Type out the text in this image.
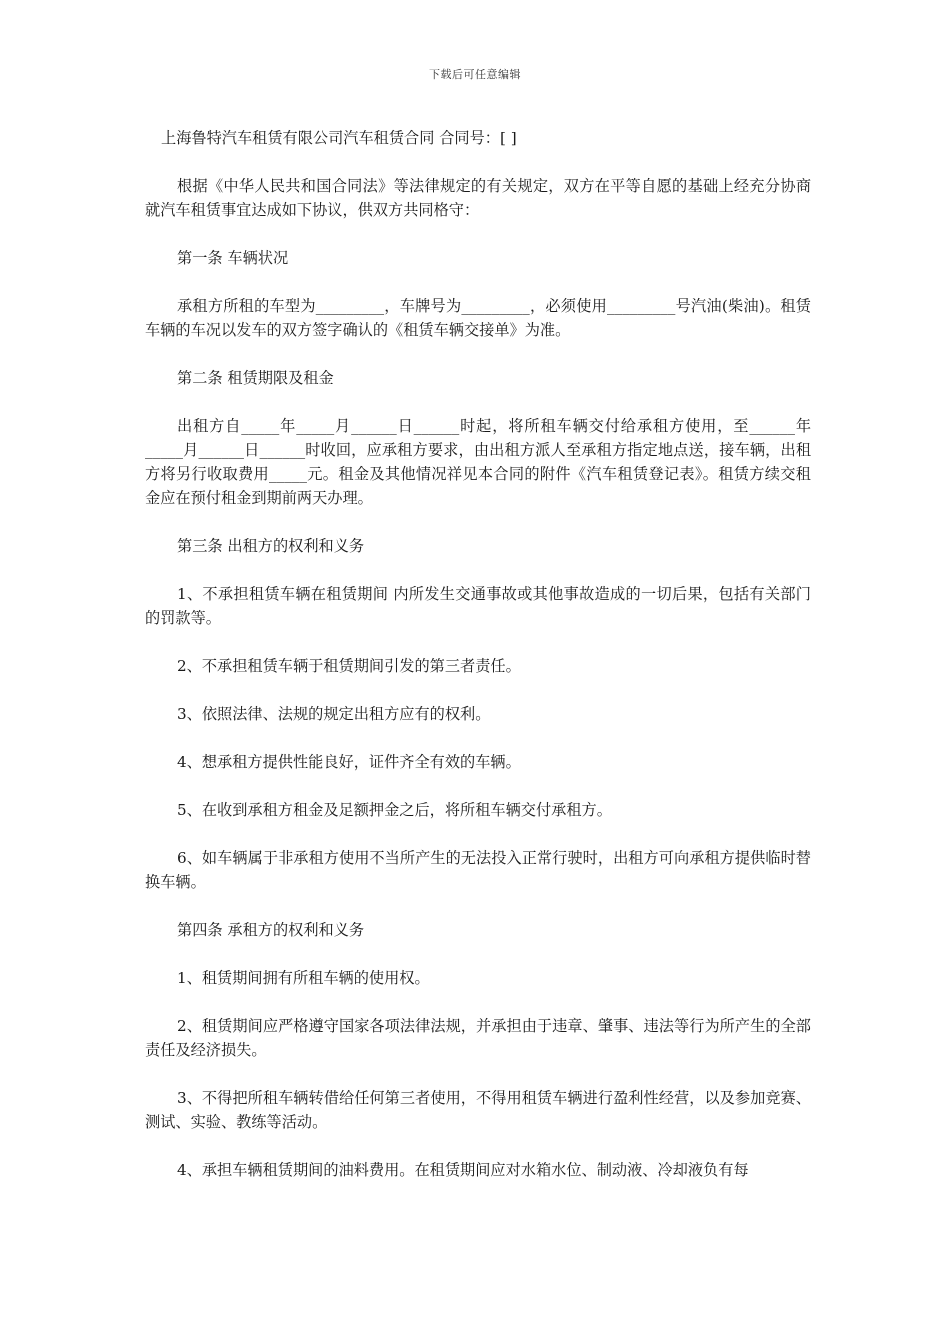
下载后可任意编辑

上海鲁特汽车租赁有限公司汽车租赁合同 合同号：[ ]

根据《中华人民共和国合同法》等法律规定的有关规定，双方在平等自愿的基础上经充分协商就汽车租赁事宜达成如下协议，供双方共同格守：

第一条 车辆状况

承租方所租的车型为_________，车牌号为_________，必须使用_________号汽油(柴油)。租赁车辆的车况以发车的双方签字确认的《租赁车辆交接单》为准。

第二条 租赁期限及租金

出租方自_____年_____月______日______时起，将所租车辆交付给承租方使用，至______年_____月______日______时收回，应承租方要求，由出租方派人至承租方指定地点送，接车辆，出租方将另行收取费用_____元。租金及其他情况祥见本合同的附件《汽车租赁登记表》。租赁方续交租金应在预付租金到期前两天办理。

第三条 出租方的权利和义务

1、不承担租赁车辆在租赁期间 内所发生交通事故或其他事故造成的一切后果，包括有关部门的罚款等。

2、不承担租赁车辆于租赁期间引发的第三者责任。

3、依照法律、法规的规定出租方应有的权利。

4、想承租方提供性能良好，证件齐全有效的车辆。

5、在收到承租方租金及足额押金之后，将所租车辆交付承租方。

6、如车辆属于非承租方使用不当所产生的无法投入正常行驶时，出租方可向承租方提供临时替换车辆。

第四条 承租方的权利和义务

1、租赁期间拥有所租车辆的使用权。

2、租赁期间应严格遵守国家各项法律法规，并承担由于违章、肇事、违法等行为所产生的全部责任及经济损失。

3、不得把所租车辆转借给任何第三者使用，不得用租赁车辆进行盈利性经营，以及参加竞赛、测试、实验、教练等活动。

4、承担车辆租赁期间的油料费用。在租赁期间应对水箱水位、制动液、冷却液负有每
